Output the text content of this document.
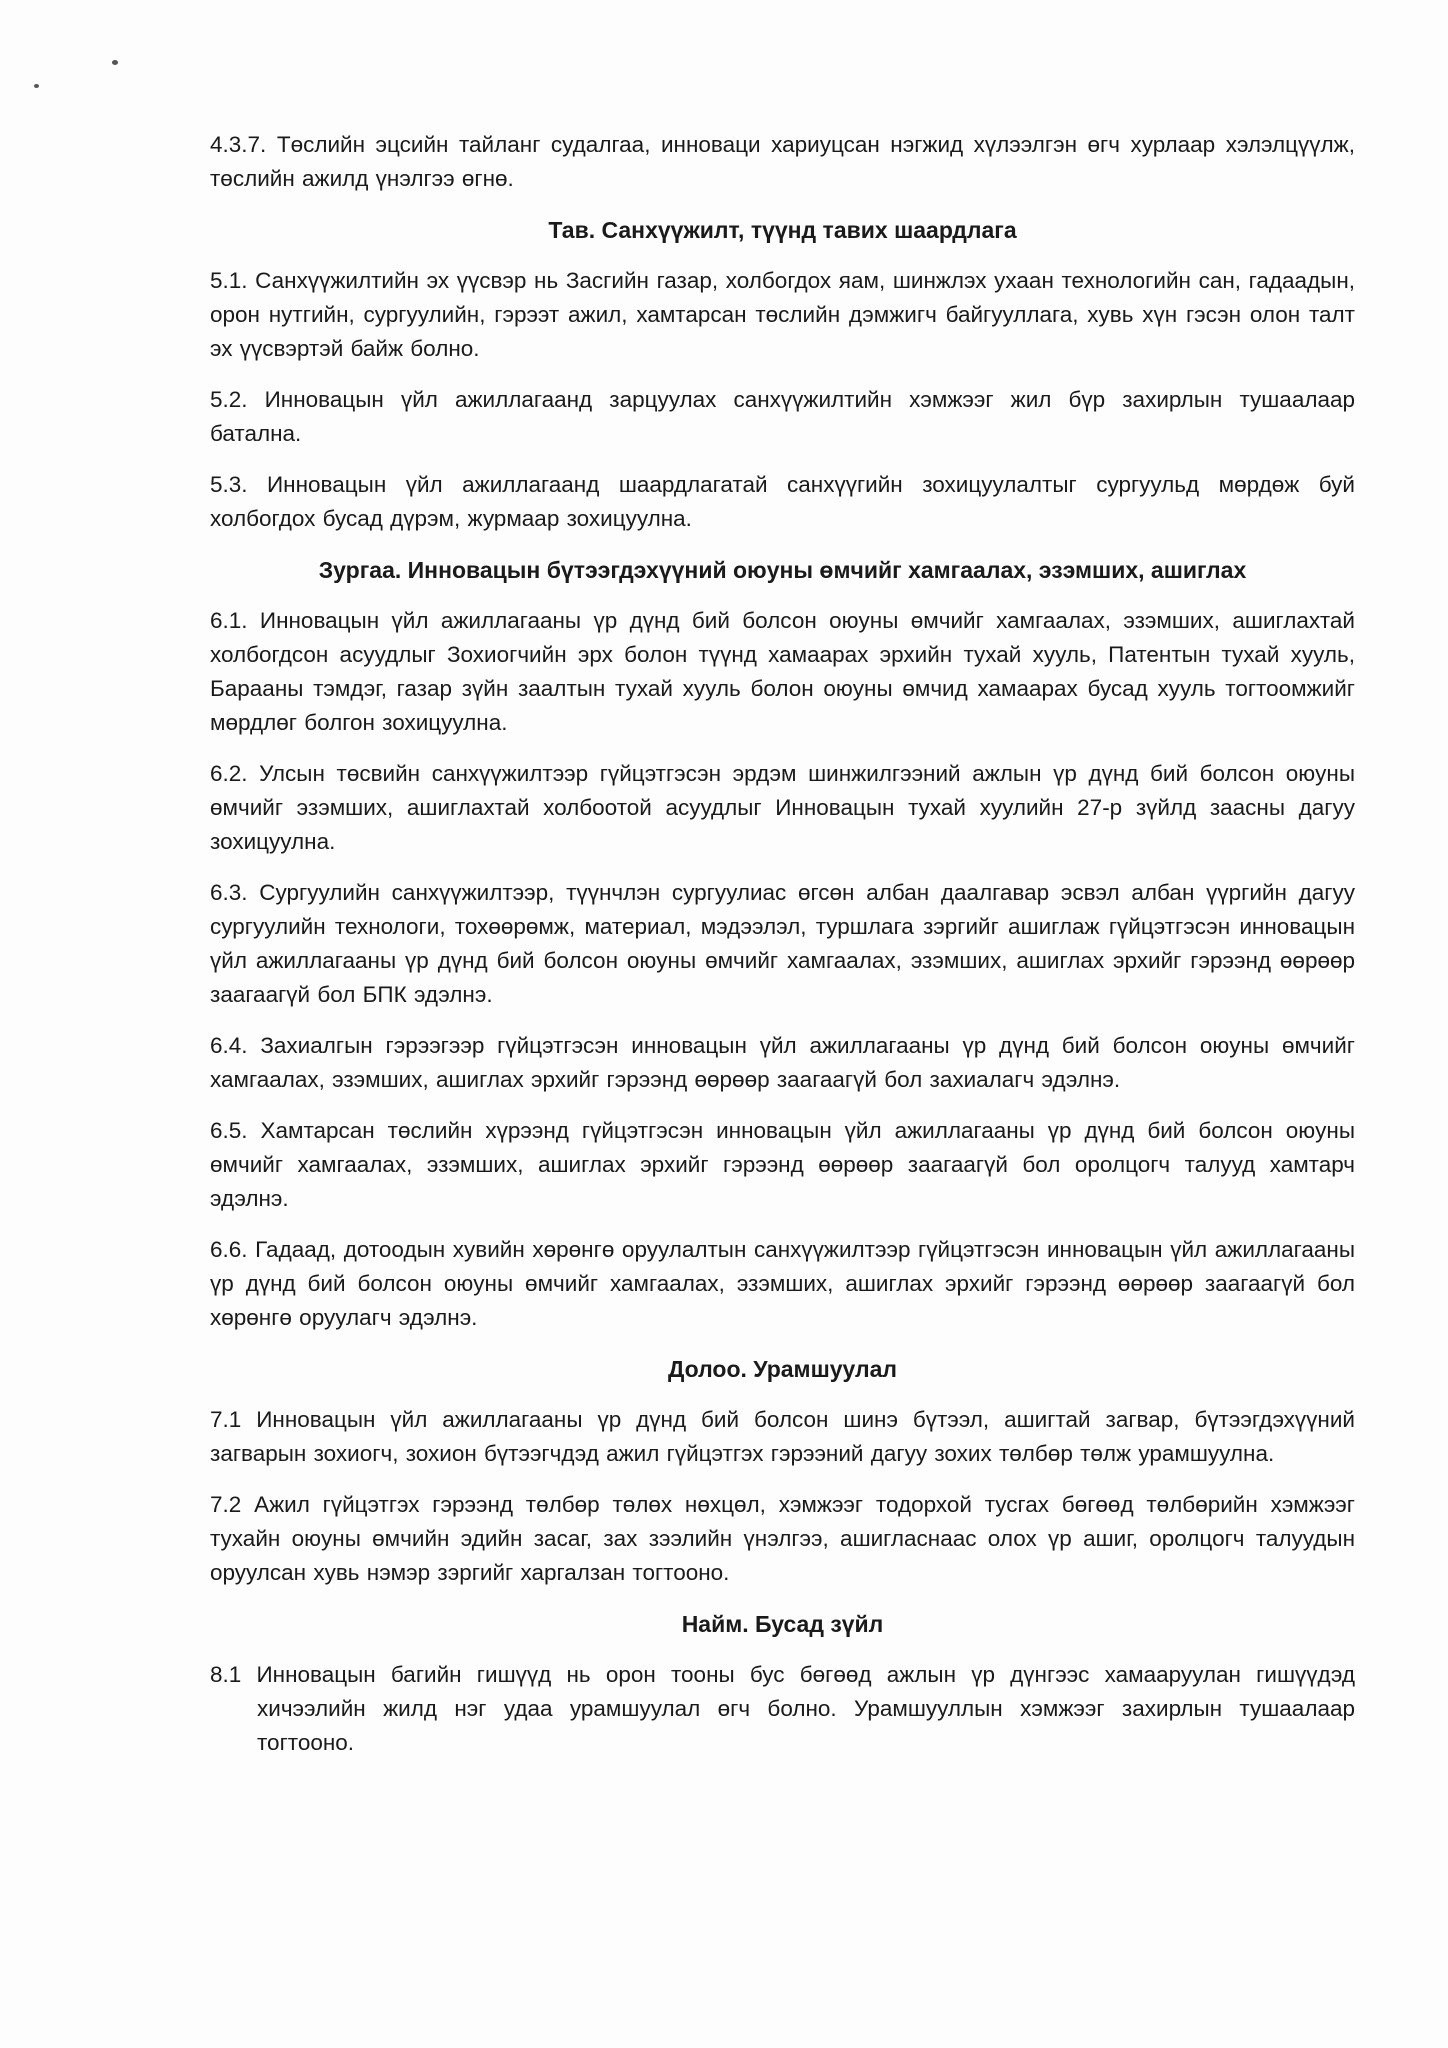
4.3.7. Төслийн эцсийн тайланг судалгаа, инноваци хариуцсан нэгжид хүлээлгэн өгч хурлаар хэлэлцүүлж, төслийн ажилд үнэлгээ өгнө.

Тав. Санхүүжилт, түүнд тавих шаардлага

5.1. Санхүүжилтийн эх үүсвэр нь Засгийн газар, холбогдох яам, шинжлэх ухаан технологийн сан, гадаадын, орон нутгийн, сургуулийн, гэрээт ажил, хамтарсан төслийн дэмжигч байгууллага, хувь хүн гэсэн олон талт эх үүсвэртэй байж болно.

5.2. Инновацын үйл ажиллагаанд зарцуулах санхүүжилтийн хэмжээг жил бүр захирлын тушаалаар батална.

5.3. Инновацын үйл ажиллагаанд шаардлагатай санхүүгийн зохицуулалтыг сургуульд мөрдөж буй холбогдох бусад дүрэм, журмаар зохицуулна.

Зургаа. Инновацын бүтээгдэхүүний оюуны өмчийг хамгаалах, эзэмших, ашиглах

6.1. Инновацын үйл ажиллагааны үр дүнд бий болсон оюуны өмчийг хамгаалах, эзэмших, ашиглахтай холбогдсон асуудлыг Зохиогчийн эрх болон түүнд хамаарах эрхийн тухай хууль, Патентын тухай хууль, Барааны тэмдэг, газар зүйн заалтын тухай хууль болон оюуны өмчид хамаарах бусад хууль тогтоомжийг мөрдлөг болгон зохицуулна.

6.2. Улсын төсвийн санхүүжилтээр гүйцэтгэсэн эрдэм шинжилгээний ажлын үр дүнд бий болсон оюуны өмчийг эзэмших, ашиглахтай холбоотой асуудлыг Инновацын тухай хуулийн 27-р зүйлд заасны дагуу зохицуулна.

6.3. Сургуулийн санхүүжилтээр, түүнчлэн сургуулиас өгсөн албан даалгавар эсвэл албан үүргийн дагуу сургуулийн технологи, тохөөрөмж, материал, мэдээлэл, туршлага зэргийг ашиглаж гүйцэтгэсэн инновацын үйл ажиллагааны үр дүнд бий болсон оюуны өмчийг хамгаалах, эзэмших, ашиглах эрхийг гэрээнд өөрөөр заагаагүй бол БПК эдэлнэ.

6.4. Захиалгын гэрээгээр гүйцэтгэсэн инновацын үйл ажиллагааны үр дүнд бий болсон оюуны өмчийг хамгаалах, эзэмших, ашиглах эрхийг гэрээнд өөрөөр заагаагүй бол захиалагч эдэлнэ.

6.5. Хамтарсан төслийн хүрээнд гүйцэтгэсэн инновацын үйл ажиллагааны үр дүнд бий болсон оюуны өмчийг хамгаалах, эзэмших, ашиглах эрхийг гэрээнд өөрөөр заагаагүй бол оролцогч талууд хамтарч эдэлнэ.

6.6. Гадаад, дотоодын хувийн хөрөнгө оруулалтын санхүүжилтээр гүйцэтгэсэн инновацын үйл ажиллагааны үр дүнд бий болсон оюуны өмчийг хамгаалах, эзэмших, ашиглах эрхийг гэрээнд өөрөөр заагаагүй бол хөрөнгө оруулагч эдэлнэ.

Долоо. Урамшуулал

7.1 Инновацын үйл ажиллагааны үр дүнд бий болсон шинэ бүтээл, ашигтай загвар, бүтээгдэхүүний загварын зохиогч, зохион бүтээгчдэд ажил гүйцэтгэх гэрээний дагуу зохих төлбөр төлж урамшуулна.

7.2 Ажил гүйцэтгэх гэрээнд төлбөр төлөх нөхцөл, хэмжээг тодорхой тусгах бөгөөд төлбөрийн хэмжээг тухайн оюуны өмчийн эдийн засаг, зах зээлийн үнэлгээ, ашигласнаас олох үр ашиг, оролцогч талуудын оруулсан хувь нэмэр зэргийг харгалзан тогтооно.

Найм. Бусад зүйл

8.1 Инновацын багийн гишүүд нь орон тооны бус бөгөөд ажлын үр дүнгээс хамааруулан гишүүдэд хичээлийн жилд нэг удаа урамшуулал өгч болно. Урамшууллын хэмжээг захирлын тушаалаар тогтооно.
